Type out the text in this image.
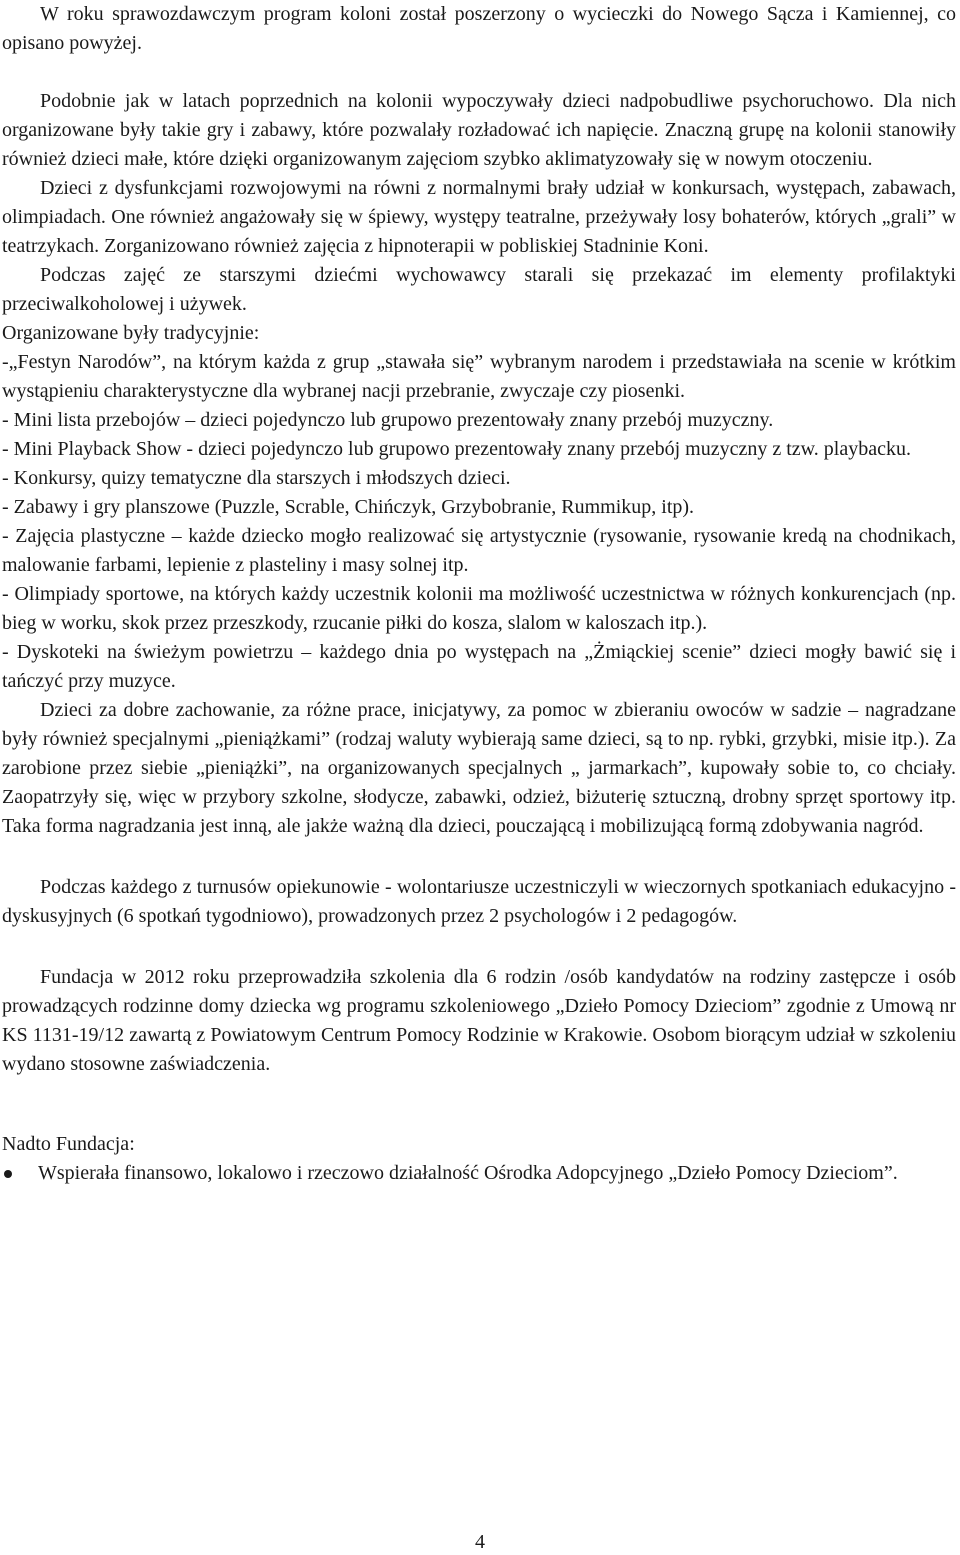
W roku sprawozdawczym program koloni został poszerzony o wycieczki do Nowego Sącza i Kamiennej, co opisano powyżej.

Podobnie jak w latach poprzednich na kolonii wypoczywały dzieci nadpobudliwe psychoruchowo. Dla nich organizowane były takie gry i zabawy, które pozwalały rozładować ich napięcie. Znaczną grupę na kolonii stanowiły również dzieci małe, które dzięki organizowanym zajęciom szybko aklimatyzowały się w nowym otoczeniu.

Dzieci z dysfunkcjami rozwojowymi na równi z normalnymi brały udział w konkursach, występach, zabawach, olimpiadach. One również angażowały się w śpiewy, występy teatralne, przeżywały losy bohaterów, których „grali” w teatrzykach. Zorganizowano również zajęcia z hipnoterapii w pobliskiej Stadninie Koni.

Podczas zajęć ze starszymi dziećmi wychowawcy starali się przekazać im elementy profilaktyki przeciwalkoholowej i używek.

Organizowane były tradycyjnie:

-„Festyn Narodów”, na którym każda z grup „stawała się” wybranym narodem i przedstawiała na scenie w krótkim wystąpieniu charakterystyczne dla wybranej nacji przebranie, zwyczaje czy piosenki.

- Mini lista przebojów – dzieci pojedynczo lub grupowo prezentowały znany przebój muzyczny.

- Mini Playback Show - dzieci pojedynczo lub grupowo prezentowały znany przebój muzyczny z tzw. playbacku.

- Konkursy, quizy tematyczne dla starszych i młodszych dzieci.

- Zabawy i gry planszowe (Puzzle, Scrable, Chińczyk, Grzybobranie, Rummikup, itp).

- Zajęcia plastyczne – każde dziecko mogło realizować się artystycznie (rysowanie, rysowanie kredą na chodnikach, malowanie farbami, lepienie z plasteliny i masy solnej itp.

- Olimpiady sportowe, na których każdy uczestnik kolonii ma możliwość uczestnictwa w różnych konkurencjach (np. bieg w worku, skok przez przeszkody, rzucanie piłki do kosza, slalom w kaloszach itp.).

- Dyskoteki na świeżym powietrzu – każdego dnia po występach na „Żmiąckiej scenie” dzieci mogły bawić się i tańczyć przy muzyce.

Dzieci za dobre zachowanie, za różne prace, inicjatywy, za pomoc w zbieraniu owoców w sadzie – nagradzane były również specjalnymi „pieniążkami” (rodzaj waluty wybierają same dzieci, są to np. rybki, grzybki, misie itp.). Za zarobione przez siebie „pieniążki”, na organizowanych specjalnych „ jarmarkach”, kupowały sobie to, co chciały. Zaopatrzyły się, więc w przybory szkolne, słodycze, zabawki, odzież, biżuterię sztuczną, drobny sprzęt sportowy itp. Taka forma nagradzania jest inną, ale jakże ważną dla dzieci, pouczającą i mobilizującą formą zdobywania nagród.

Podczas każdego z turnusów opiekunowie - wolontariusze uczestniczyli w wieczornych spotkaniach edukacyjno - dyskusyjnych (6 spotkań tygodniowo), prowadzonych przez 2 psychologów i 2 pedagogów.

Fundacja w 2012 roku przeprowadziła szkolenia dla 6 rodzin /osób kandydatów na rodziny zastępcze i osób prowadzących rodzinne domy dziecka wg programu szkoleniowego „Dzieło Pomocy Dzieciom” zgodnie z Umową nr KS 1131-19/12 zawartą z Powiatowym Centrum Pomocy Rodzinie w Krakowie. Osobom biorącym udział w szkoleniu wydano stosowne zaświadczenia.

Nadto Fundacja:

Wspierała finansowo, lokalowo i rzeczowo działalność Ośrodka Adopcyjnego „Dzieło Pomocy Dzieciom”.
4
